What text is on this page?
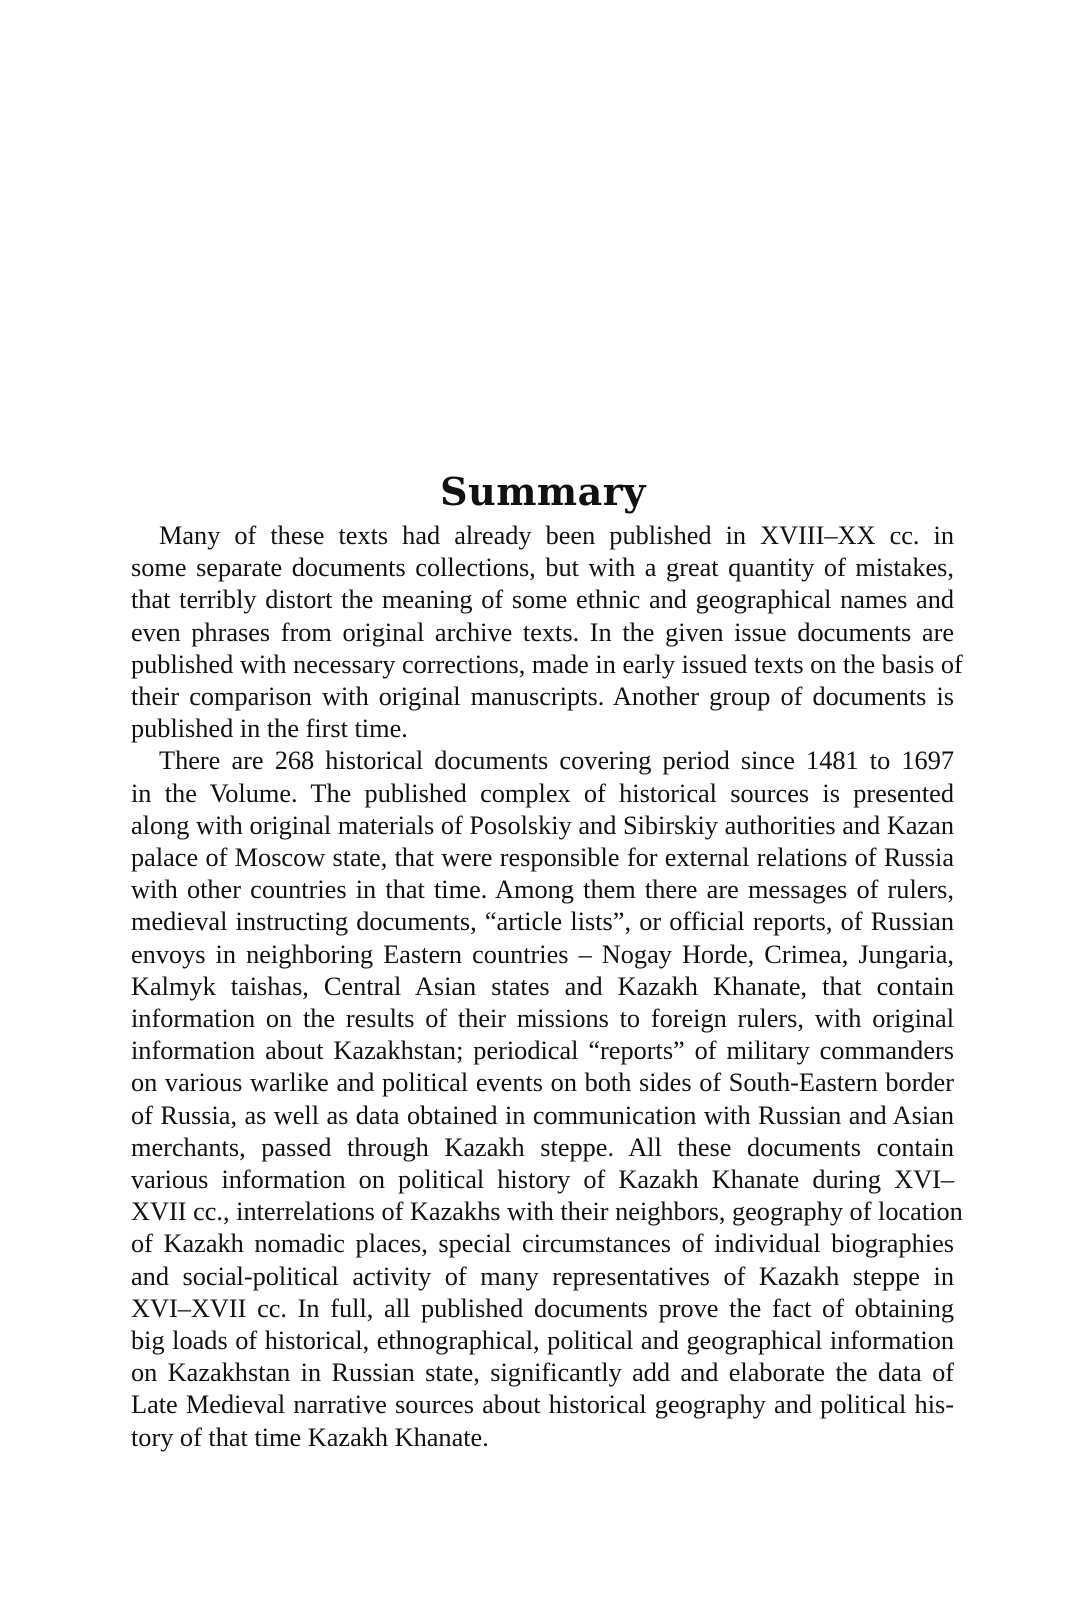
Summary
Many of these texts had already been published in XVIII–XX cc. in
some separate documents collections, but with a great quantity of mistakes,
that terribly distort the meaning of some ethnic and geographical names and
even phrases from original archive texts. In the given issue documents are
published with necessary corrections, made in early issued texts on the basis of
their comparison with original manuscripts. Another group of documents is
published in the first time.
There are 268 historical documents covering period since 1481 to 1697
in the Volume. The published complex of historical sources is presented
along with original materials of Posolskiy and Sibirskiy authorities and Kazan
palace of Moscow state, that were responsible for external relations of Russia
with other countries in that time. Among them there are messages of rulers,
medieval instructing documents, “article lists”, or official reports, of Russian
envoys in neighboring Eastern countries – Nogay Horde, Crimea, Jungaria,
Kalmyk taishas, Central Asian states and Kazakh Khanate, that contain
information on the results of their missions to foreign rulers, with original
information about Kazakhstan; periodical “reports” of military commanders
on various warlike and political events on both sides of South-Eastern border
of Russia, as well as data obtained in communication with Russian and Asian
merchants, passed through Kazakh steppe. All these documents contain
various information on political history of Kazakh Khanate during XVI–
XVII cc., interrelations of Kazakhs with their neighbors, geography of location
of Kazakh nomadic places, special circumstances of individual biographies
and social-political activity of many representatives of Kazakh steppe in
XVI–XVII cc. In full, all published documents prove the fact of obtaining
big loads of historical, ethnographical, political and geographical information
on Kazakhstan in Russian state, significantly add and elaborate the data of
Late Medieval narrative sources about historical geography and political his-
tory of that time Kazakh Khanate.
